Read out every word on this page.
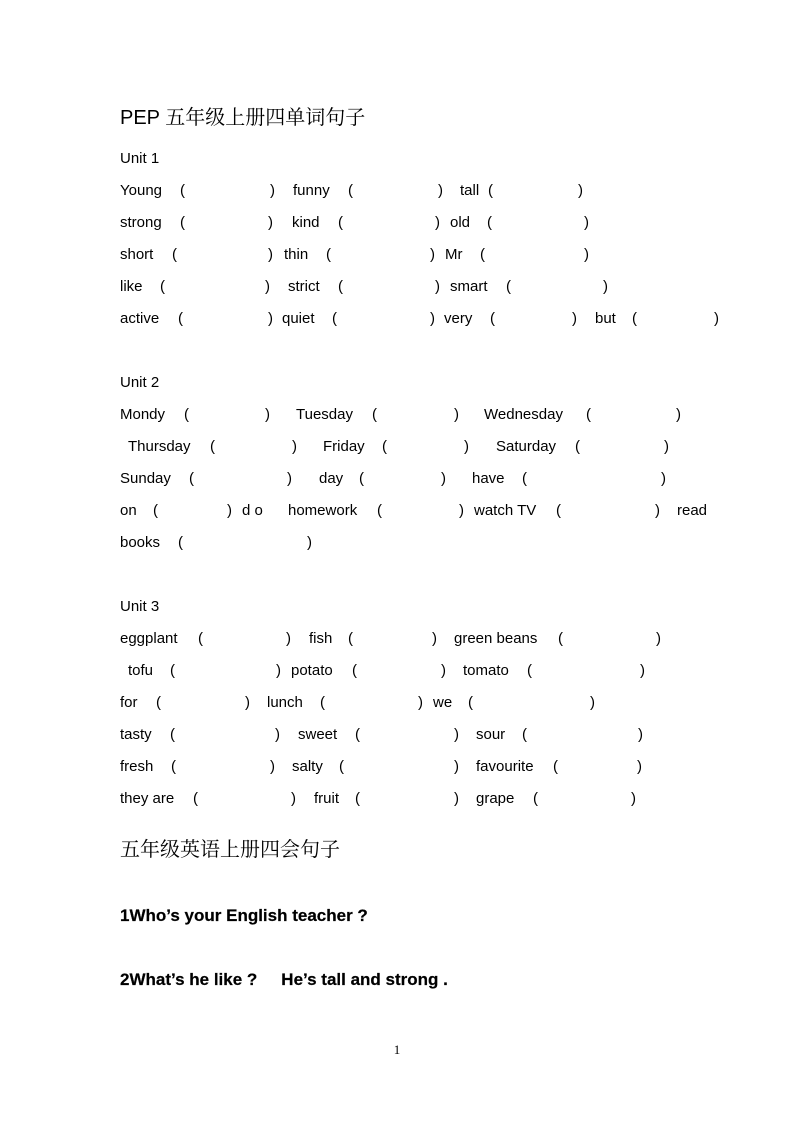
PEP 五年级上册四单词句子
Unit 1
Young (	) funny (	) tall (	)
strong (	) kind (	) old (	)
short (	) thin (	) Mr (	)
like (	) strict (	) smart (	)
active (	) quiet (	) very (	) but (	)
Unit 2
Mondy (	) Tuesday (	) Wednesday (	)
Thursday (	) Friday (	) Saturday (	)
Sunday (	) day (	) have (	)
on (	) d o homework (	) watch TV (	) read
books (	)
Unit 3
eggplant (	) fish (	) green beans (	)
tofu (	) potato (	) tomato (	)
for (	) lunch (	) we (	)
tasty (	) sweet (	) sour (	)
fresh (	) salty (	) favourite (	)
they are (	) fruit (	) grape (	)
五年级英语上册四会句子
1Who’s your English teacher ?
2What’s he like ? He’s tall and strong .
1
